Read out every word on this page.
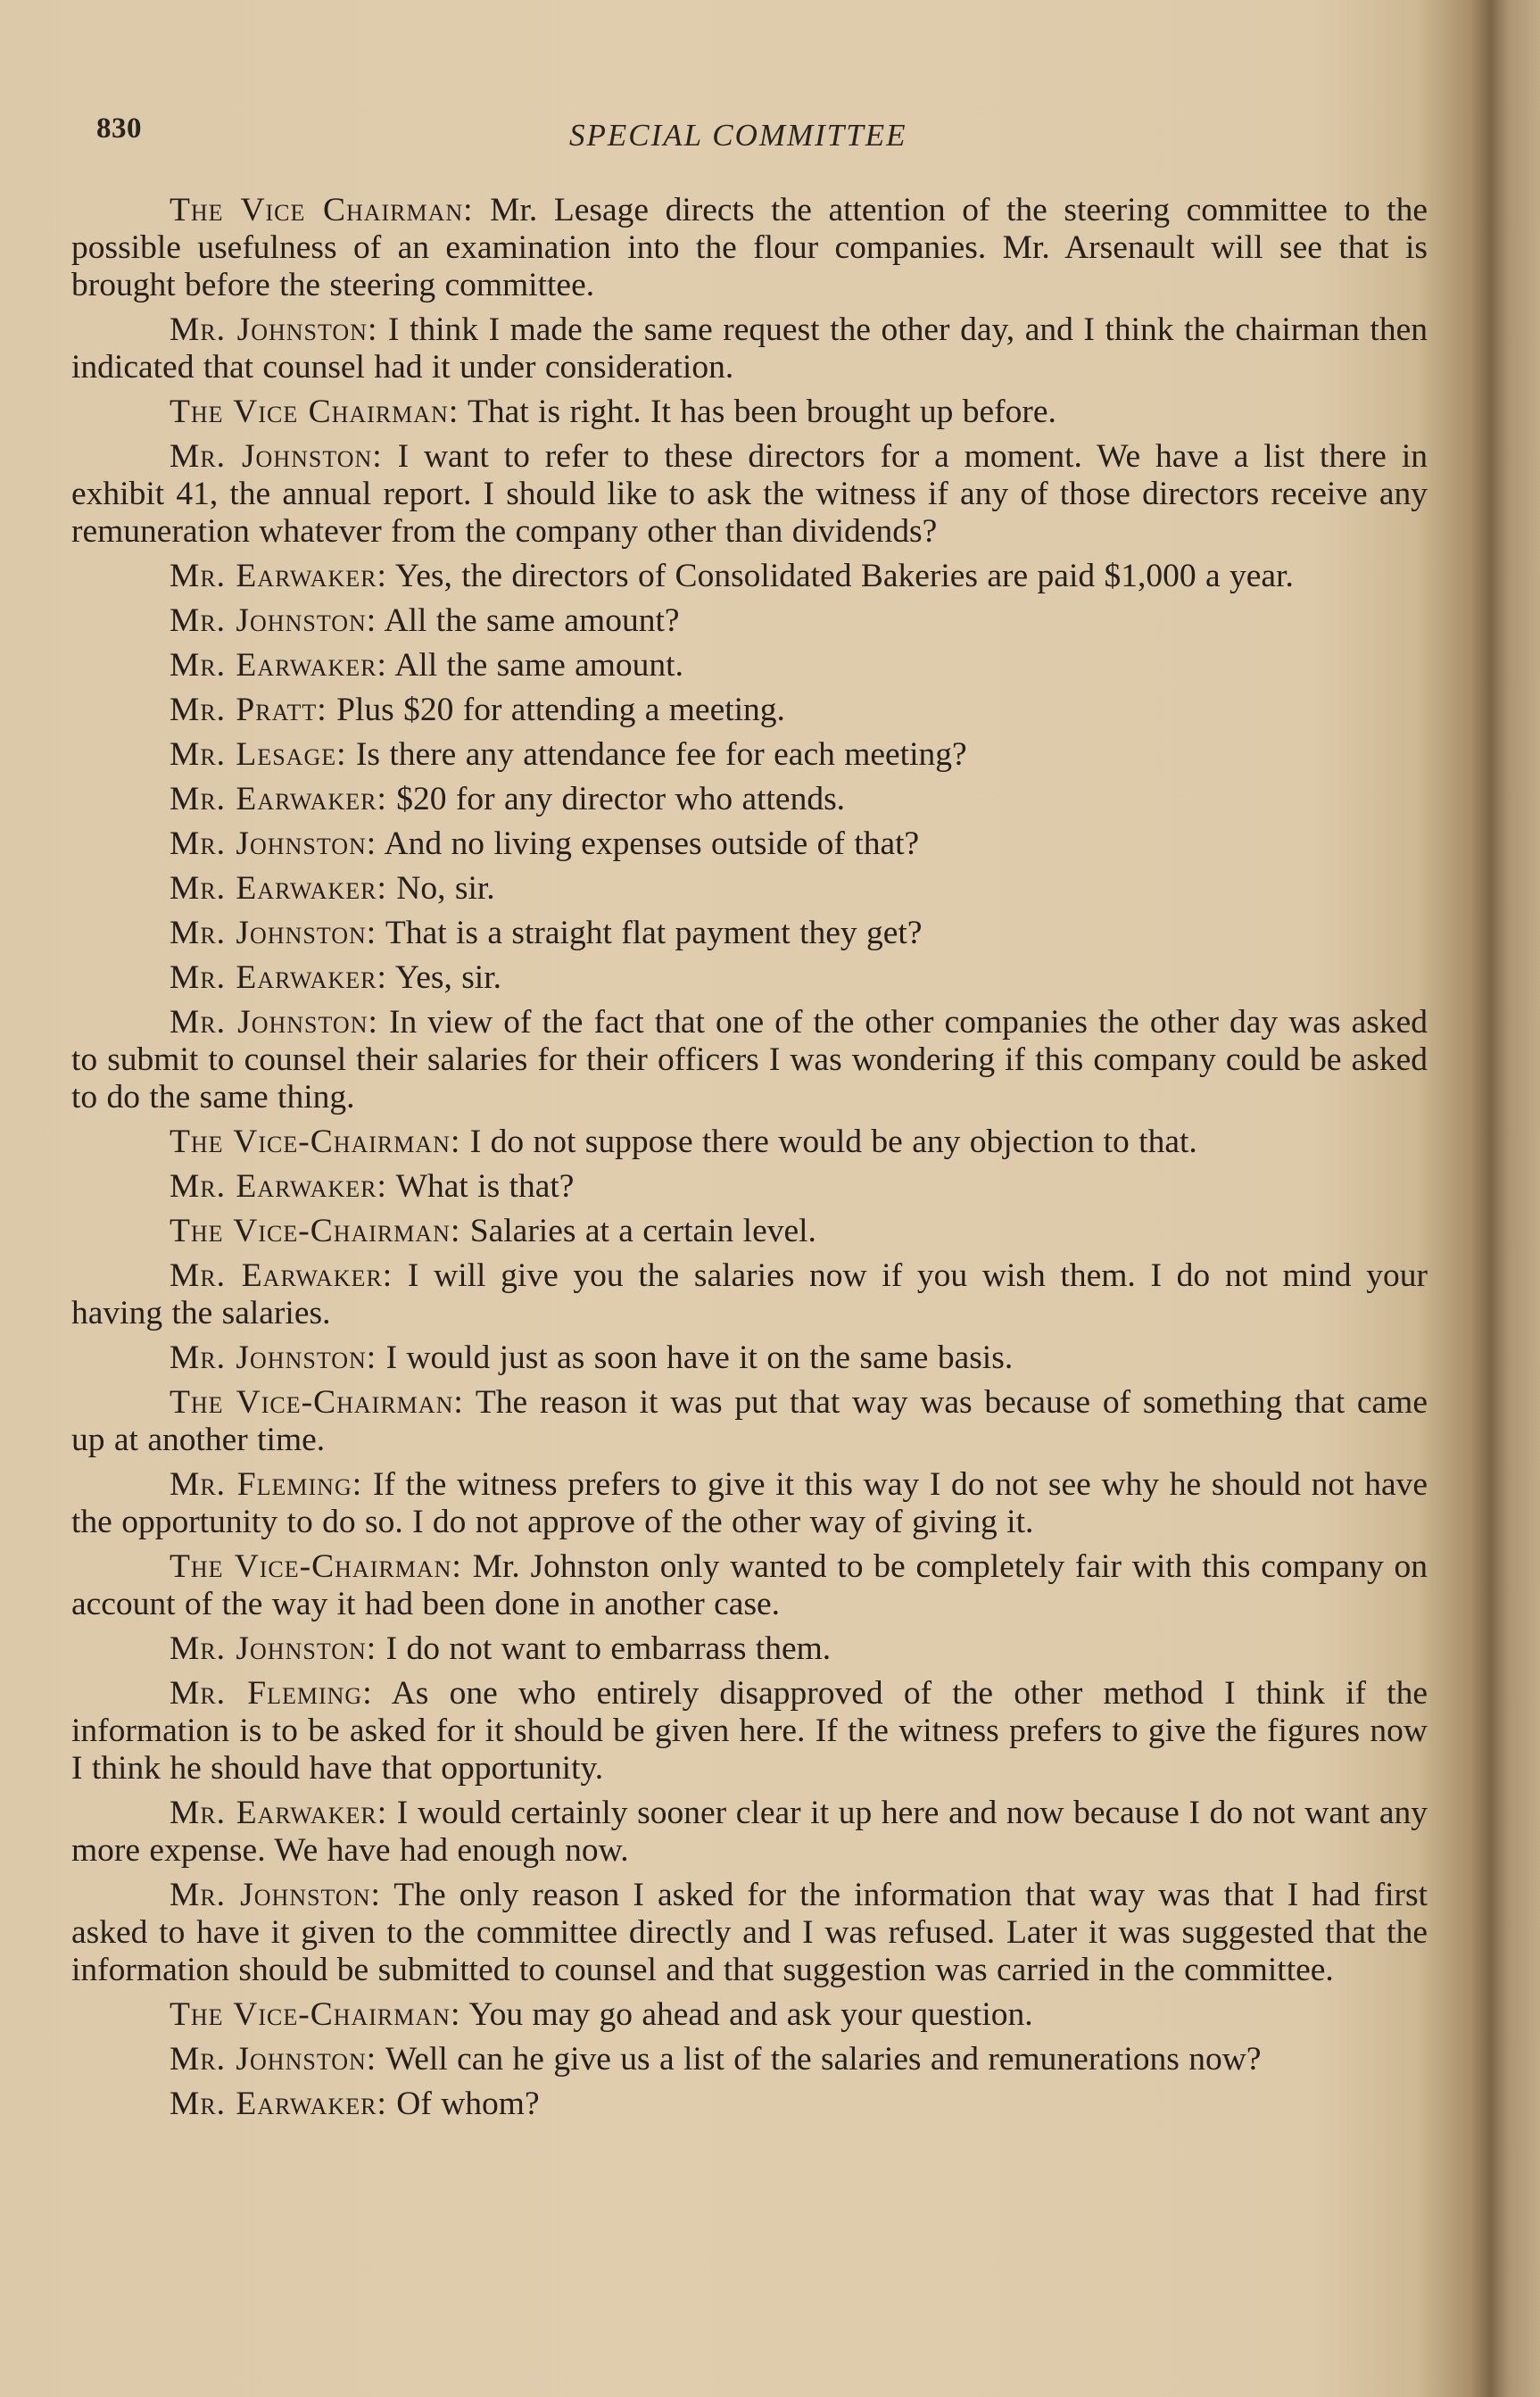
830	SPECIAL COMMITTEE

The Vice Chairman: Mr. Lesage directs the attention of the steering committee to the possible usefulness of an examination into the flour companies. Mr. Arsenault will see that is brought before the steering committee.

Mr. Johnston: I think I made the same request the other day, and I think the chairman then indicated that counsel had it under consideration.

The Vice Chairman: That is right. It has been brought up before.

Mr. Johnston: I want to refer to these directors for a moment. We have a list there in exhibit 41, the annual report. I should like to ask the witness if any of those directors receive any remuneration whatever from the company other than dividends?

Mr. Earwaker: Yes, the directors of Consolidated Bakeries are paid $1,000 a year.

Mr. Johnston: All the same amount?

Mr. Earwaker: All the same amount.

Mr. Pratt: Plus $20 for attending a meeting.

Mr. Lesage: Is there any attendance fee for each meeting?

Mr. Earwaker: $20 for any director who attends.

Mr. Johnston: And no living expenses outside of that?

Mr. Earwaker: No, sir.

Mr. Johnston: That is a straight flat payment they get?

Mr. Earwaker: Yes, sir.

Mr. Johnston: In view of the fact that one of the other companies the other day was asked to submit to counsel their salaries for their officers I was wondering if this company could be asked to do the same thing.

The Vice-Chairman: I do not suppose there would be any objection to that.

Mr. Earwaker: What is that?

The Vice-Chairman: Salaries at a certain level.

Mr. Earwaker: I will give you the salaries now if you wish them. I do not mind your having the salaries.

Mr. Johnston: I would just as soon have it on the same basis.

The Vice-Chairman: The reason it was put that way was because of something that came up at another time.

Mr. Fleming: If the witness prefers to give it this way I do not see why he should not have the opportunity to do so. I do not approve of the other way of giving it.

The Vice-Chairman: Mr. Johnston only wanted to be completely fair with this company on account of the way it had been done in another case.

Mr. Johnston: I do not want to embarrass them.

Mr. Fleming: As one who entirely disapproved of the other method I think if the information is to be asked for it should be given here. If the witness prefers to give the figures now I think he should have that opportunity.

Mr. Earwaker: I would certainly sooner clear it up here and now because I do not want any more expense. We have had enough now.

Mr. Johnston: The only reason I asked for the information that way was that I had first asked to have it given to the committee directly and I was refused. Later it was suggested that the information should be submitted to counsel and that suggestion was carried in the committee.

The Vice-Chairman: You may go ahead and ask your question.

Mr. Johnston: Well can he give us a list of the salaries and remunerations now?

Mr. Earwaker: Of whom?
